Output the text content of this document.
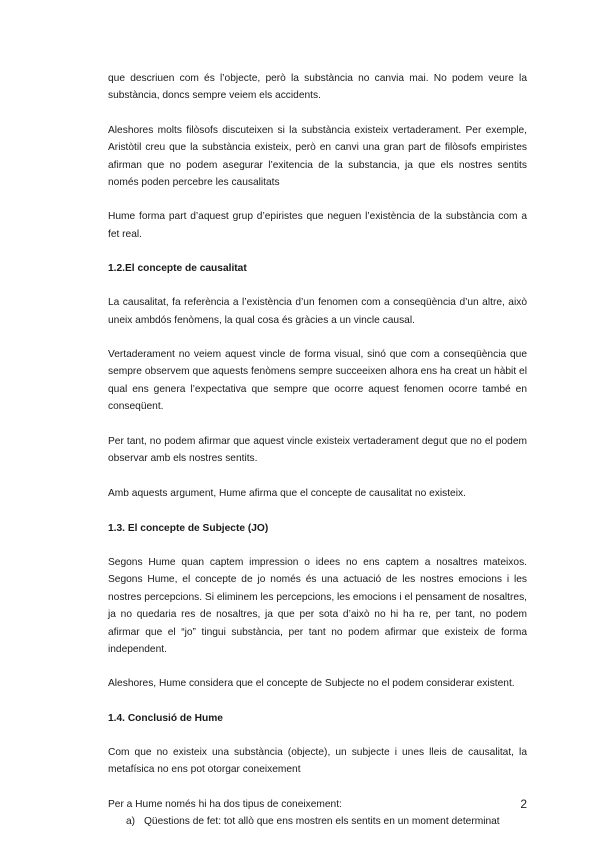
que descriuen com és l’objecte, però la substància no canvia mai. No podem veure la substància, doncs sempre veiem els accidents.

Aleshores molts filòsofs discuteixen si la substància existeix vertaderament. Per exemple, Aristòtil creu que la substància existeix, però en canvi una gran part de filòsofs empiristes afirman que no podem asegurar l’exitencia de la substancia, ja que els nostres sentits només poden percebre les causalitats

Hume forma part d’aquest grup d’epiristes que neguen l’existència de la substància com a fet real.

1.2.El concepte de causalitat

La causalitat, fa referència a l’existència d’un fenomen com a conseqüència d’un altre, això uneix ambdós fenòmens, la qual cosa és gràcies a un vincle causal.

Vertaderament no veiem aquest vincle de forma visual, sinó que com a conseqüència que sempre observem que aquests fenòmens sempre succeeixen alhora ens ha creat un hàbit el qual ens genera l’expectativa que sempre que ocorre aquest fenomen ocorre també en conseqüent.

Per tant, no podem afirmar que aquest vincle existeix vertaderament degut que no el podem observar amb els nostres sentits.

Amb aquests argument, Hume afirma que el concepte de causalitat no existeix.

1.3. El concepte de Subjecte (JO)

Segons Hume quan captem impression o idees no ens captem a nosaltres mateixos. Segons Hume, el concepte de jo només és una actuació de les nostres emocions i les nostres percepcions. Si eliminem les percepcions, les emocions i el pensament de nosaltres, ja no quedaria res de nosaltres, ja que per sota d’això no hi ha re, per tant, no podem afirmar que el “jo” tingui substància, per tant no podem afirmar que existeix de forma independent.

Aleshores, Hume considera que el concepte de Subjecte no el podem considerar existent.

1.4. Conclusió de Hume

Com que no existeix una substància (objecte), un subjecte i unes lleis de causalitat, la metafísica no ens pot otorgar coneixement

Per a Hume només hi ha dos tipus de coneixement:

a) Qüestions de fet: tot allò que ens mostren els sentits en un moment determinat
2
